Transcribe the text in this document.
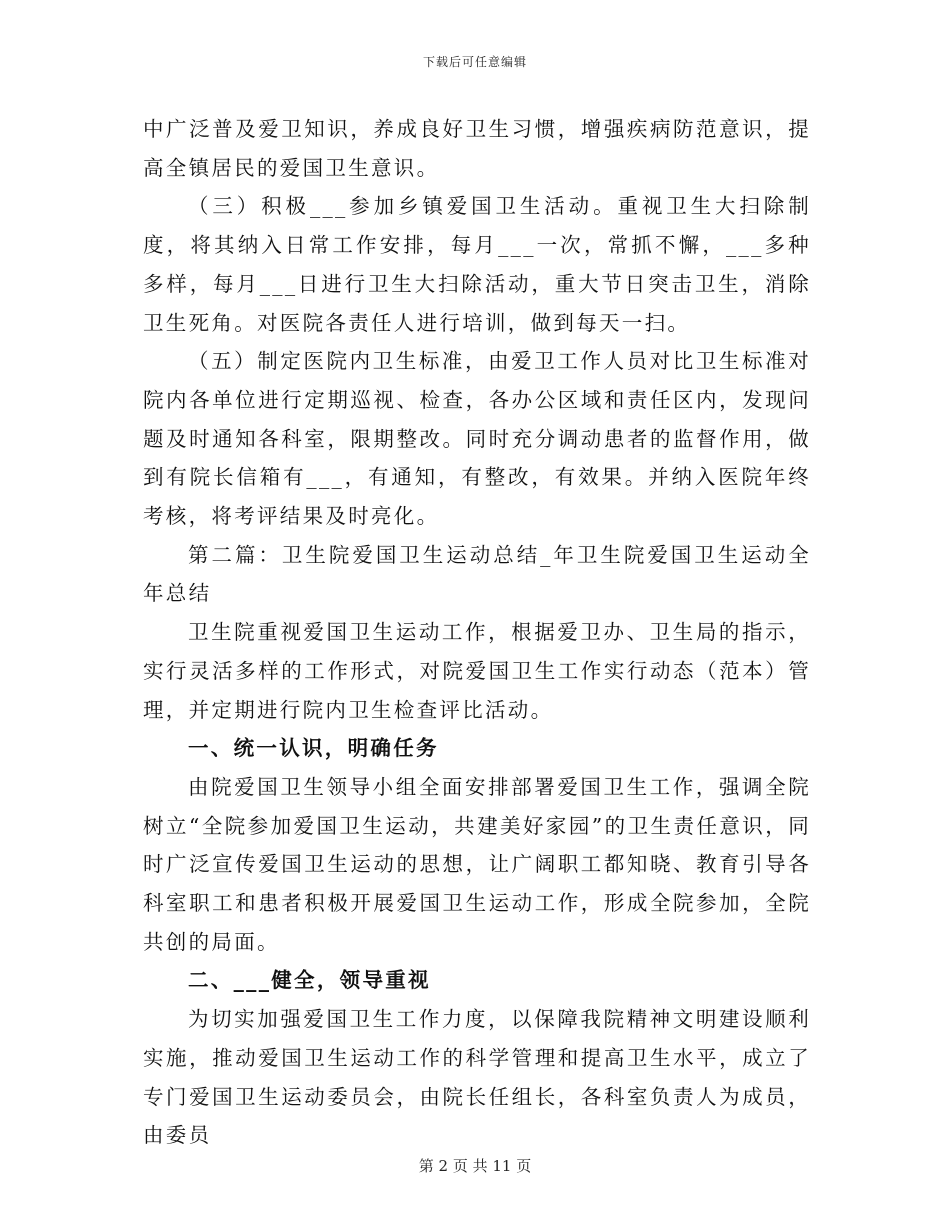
下载后可任意编辑

中广泛普及爱卫知识，养成良好卫生习惯，增强疾病防范意识，提高全镇居民的爱国卫生意识。

（三）积极___参加乡镇爱国卫生活动。重视卫生大扫除制度，将其纳入日常工作安排，每月___一次，常抓不懈，___多种多样，每月___日进行卫生大扫除活动，重大节日突击卫生，消除卫生死角。对医院各责任人进行培训，做到每天一扫。

（五）制定医院内卫生标准，由爱卫工作人员对比卫生标准对院内各单位进行定期巡视、检查，各办公区域和责任区内，发现问题及时通知各科室，限期整改。同时充分调动患者的监督作用，做到有院长信箱有___，有通知，有整改，有效果。并纳入医院年终考核，将考评结果及时亮化。

第二篇：卫生院爱国卫生运动总结_年卫生院爱国卫生运动全年总结

卫生院重视爱国卫生运动工作，根据爱卫办、卫生局的指示，实行灵活多样的工作形式，对院爱国卫生工作实行动态（范本）管理，并定期进行院内卫生检查评比活动。

一、统一认识，明确任务

由院爱国卫生领导小组全面安排部署爱国卫生工作，强调全院树立“全院参加爱国卫生运动，共建美好家园”的卫生责任意识，同时广泛宣传爱国卫生运动的思想，让广阔职工都知晓、教育引导各科室职工和患者积极开展爱国卫生运动工作，形成全院参加，全院共创的局面。

二、___健全，领导重视

为切实加强爱国卫生工作力度，以保障我院精神文明建设顺利实施，推动爱国卫生运动工作的科学管理和提高卫生水平，成立了专门爱国卫生运动委员会，由院长任组长，各科室负责人为成员，由委员

第 2 页 共 11 页
